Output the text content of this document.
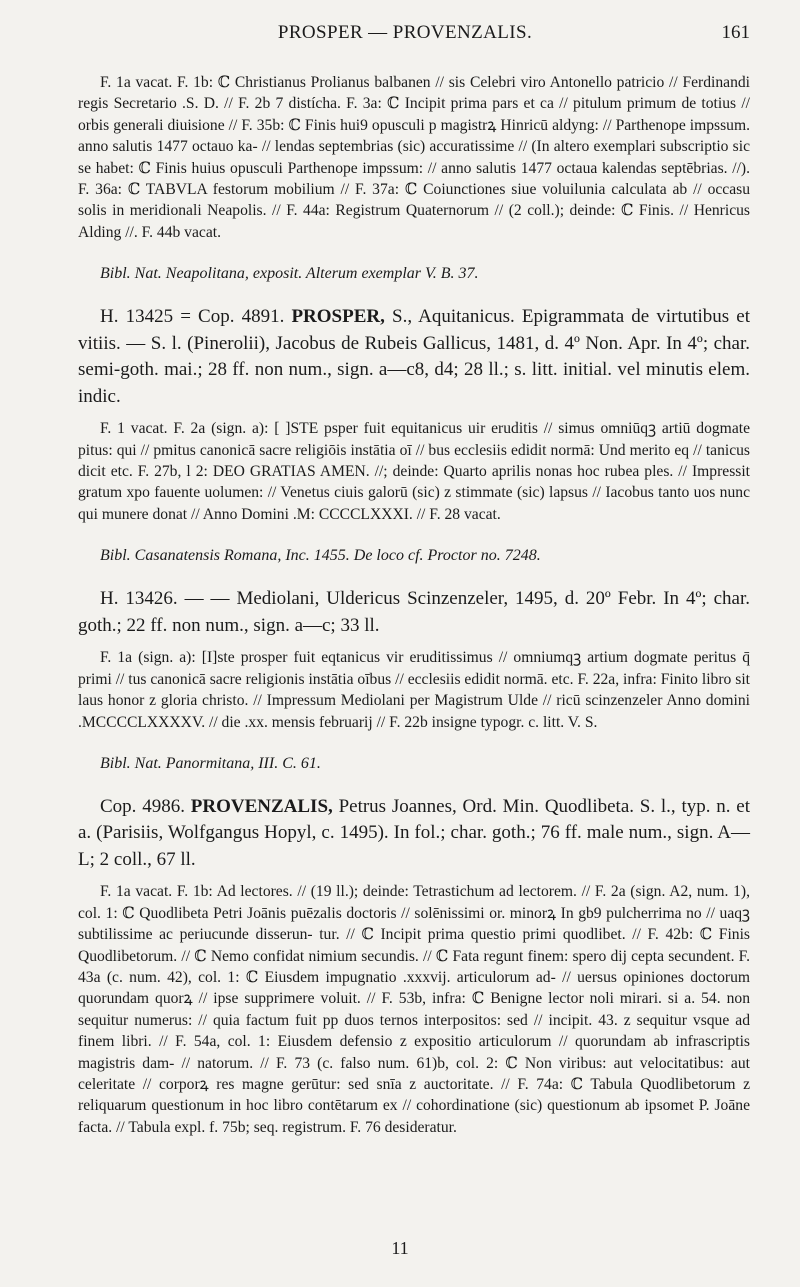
PROSPER — PROVENZALIS.	161

F. 1a vacat. F. 1b: ℂ Christianus Prolianus balbanen // sis Celebri viro Antonello patricio // Ferdinandi regis Secretario .S. D. // F. 2b 7 distícha. F. 3a: ℂ Incipit prima pars et ca // pitulum primum de totius // orbis generali diuisione // F. 35b: ℂ Finis hui9 opusculi p magistrꝝ Hinricū aldyng: // Parthenope impssum. anno salutis 1477 octauo ka- // lendas septembrias (sic) accuratissime // (In altero exemplari subscriptio sic se habet: ℂ Finis huius opusculi Parthenope impssum: // anno salutis 1477 octaua kalendas septēbrias. //). F. 36a: ℂ TABVLA festorum mobilium // F. 37a: ℂ Coiunctiones siue voluilunia calculata ab // occasu solis in meridionali Neapolis. // F. 44a: Registrum Quaternorum // (2 coll.); deinde: ℂ Finis. // Henricus Alding //. F. 44b vacat.

Bibl. Nat. Neapolitana, exposit. Alterum exemplar V. B. 37.

H. 13425 = Cop. 4891. PROSPER, S., Aquitanicus. Epigrammata de virtutibus et vitiis. — S. l. (Pinerolii), Jacobus de Rubeis Gallicus, 1481, d. 4º Non. Apr. In 4º; char. semi-goth. mai.; 28 ff. non num., sign. a—c8, d4; 28 ll.; s. litt. initial. vel minutis elem. indic.

F. 1 vacat. F. 2a (sign. a): [ ]STE psper fuit equitanicus uir eruditis // simus omniūqꝫ artiū dogmate pitus: qui // pmitus canonicā sacre religiōis instātia oī // bus ecclesiis edidit normā: Und merito eq // tanicus dicit etc. F. 27b, l 2: DEO GRATIAS AMEN. //; deinde: Quarto aprilis nonas hoc rubea ples. // Impressit gratum xpo fauente uolumen: // Venetus ciuis galorū (sic) z stimmate (sic) lapsus // Iacobus tanto uos nunc qui munere donat // Anno Domini .M: CCCCLXXXI. // F. 28 vacat.

Bibl. Casanatensis Romana, Inc. 1455. De loco cf. Proctor no. 7248.

H. 13426. — — Mediolani, Uldericus Scinzenzeler, 1495, d. 20º Febr. In 4º; char. goth.; 22 ff. non num., sign. a—c; 33 ll.

F. 1a (sign. a): [I]ste prosper fuit eqtanicus vir eruditissimus // omniumqꝫ artium dogmate peritus q̄ primi // tus canonicā sacre religionis instātia oībus // ecclesiis edidit normā. etc. F. 22a, infra: Finito libro sit laus honor z gloria christo. // Impressum Mediolani per Magistrum Ulde // ricū scinzenzeler Anno domini .MCCCCLXXXXV. // die .xx. mensis februarij // F. 22b insigne typogr. c. litt. V. S.

Bibl. Nat. Panormitana, III. C. 61.

Cop. 4986. PROVENZALIS, Petrus Joannes, Ord. Min. Quodlibeta. S. l., typ. n. et a. (Parisiis, Wolfgangus Hopyl, c. 1495). In fol.; char. goth.; 76 ff. male num., sign. A—L; 2 coll., 67 ll.

F. 1a vacat. F. 1b: Ad lectores. // (19 ll.); deinde: Tetrastichum ad lectorem. // F. 2a (sign. A2, num. 1), col. 1: ℂ Quodlibeta Petri Joānis puēzalis doctoris // solēnissimi or. minorꝝ In gb9 pulcherrima no // uaqꝫ subtilissime ac periucunde disserun- tur. // ℂ Incipit prima questio primi quodlibet. // F. 42b: ℂ Finis Quodlibetorum. // ℂ Nemo confidat nimium secundis. // ℂ Fata regunt finem: spero dij cepta secundent. F. 43a (c. num. 42), col. 1: ℂ Eiusdem impugnatio .xxxvij. articulorum ad- // uersus opiniones doctorum quorundam quorꝝ // ipse supprimere voluit. // F. 53b, infra: ℂ Benigne lector noli mirari. si a. 54. non sequitur numerus: // quia factum fuit pp duos ternos interpositos: sed // incipit. 43. z sequitur vsque ad finem libri. // F. 54a, col. 1: Eiusdem defensio z expositio articulorum // quorundam ab infrascriptis magistris dam- // natorum. // F. 73 (c. falso num. 61)b, col. 2: ℂ Non viribus: aut velocitatibus: aut celeritate // corporꝝ res magne gerūtur: sed snīa z auctoritate. // F. 74a: ℂ Tabula Quodlibetorum z reliquarum questionum in hoc libro contētarum ex // cohordinatione (sic) questionum ab ipsomet P. Joāne facta. // Tabula expl. f. 75b; seq. registrum. F. 76 desideratur.

11
